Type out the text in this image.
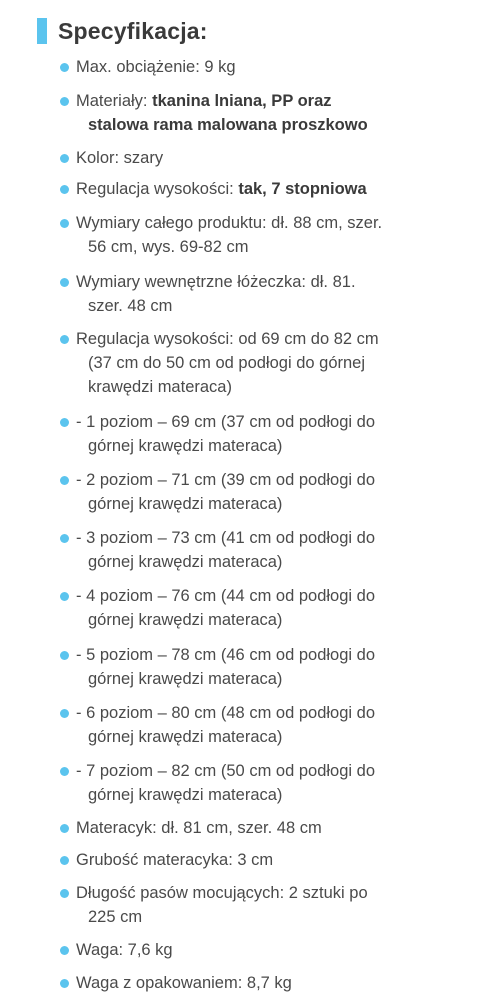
Specyfikacja:
Max. obciążenie: 9 kg
Materiały: tkanina lniana, PP oraz
stalowa rama malowana proszkowo
Kolor: szary
Regulacja wysokości: tak, 7 stopniowa
Wymiary całego produktu: dł. 88 cm, szer.
56 cm, wys. 69-82 cm
Wymiary wewnętrzne łóżeczka: dł. 81.
szer. 48 cm
Regulacja wysokości: od 69 cm do 82 cm
(37 cm do 50 cm od podłogi do górnej
krawędzi materaca)
- 1 poziom – 69 cm (37 cm od podłogi do
górnej krawędzi materaca)
- 2 poziom – 71 cm (39 cm od podłogi do
górnej krawędzi materaca)
- 3 poziom – 73 cm (41 cm od podłogi do
górnej krawędzi materaca)
- 4 poziom – 76 cm (44 cm od podłogi do
górnej krawędzi materaca)
- 5 poziom – 78 cm (46 cm od podłogi do
górnej krawędzi materaca)
- 6 poziom – 80 cm (48 cm od podłogi do
górnej krawędzi materaca)
- 7 poziom – 82 cm (50 cm od podłogi do
górnej krawędzi materaca)
Materacyk: dł. 81 cm, szer. 48 cm
Grubość materacyka: 3 cm
Długość pasów mocujących: 2 sztuki po
225 cm
Waga: 7,6 kg
Waga z opakowaniem: 8,7 kg
